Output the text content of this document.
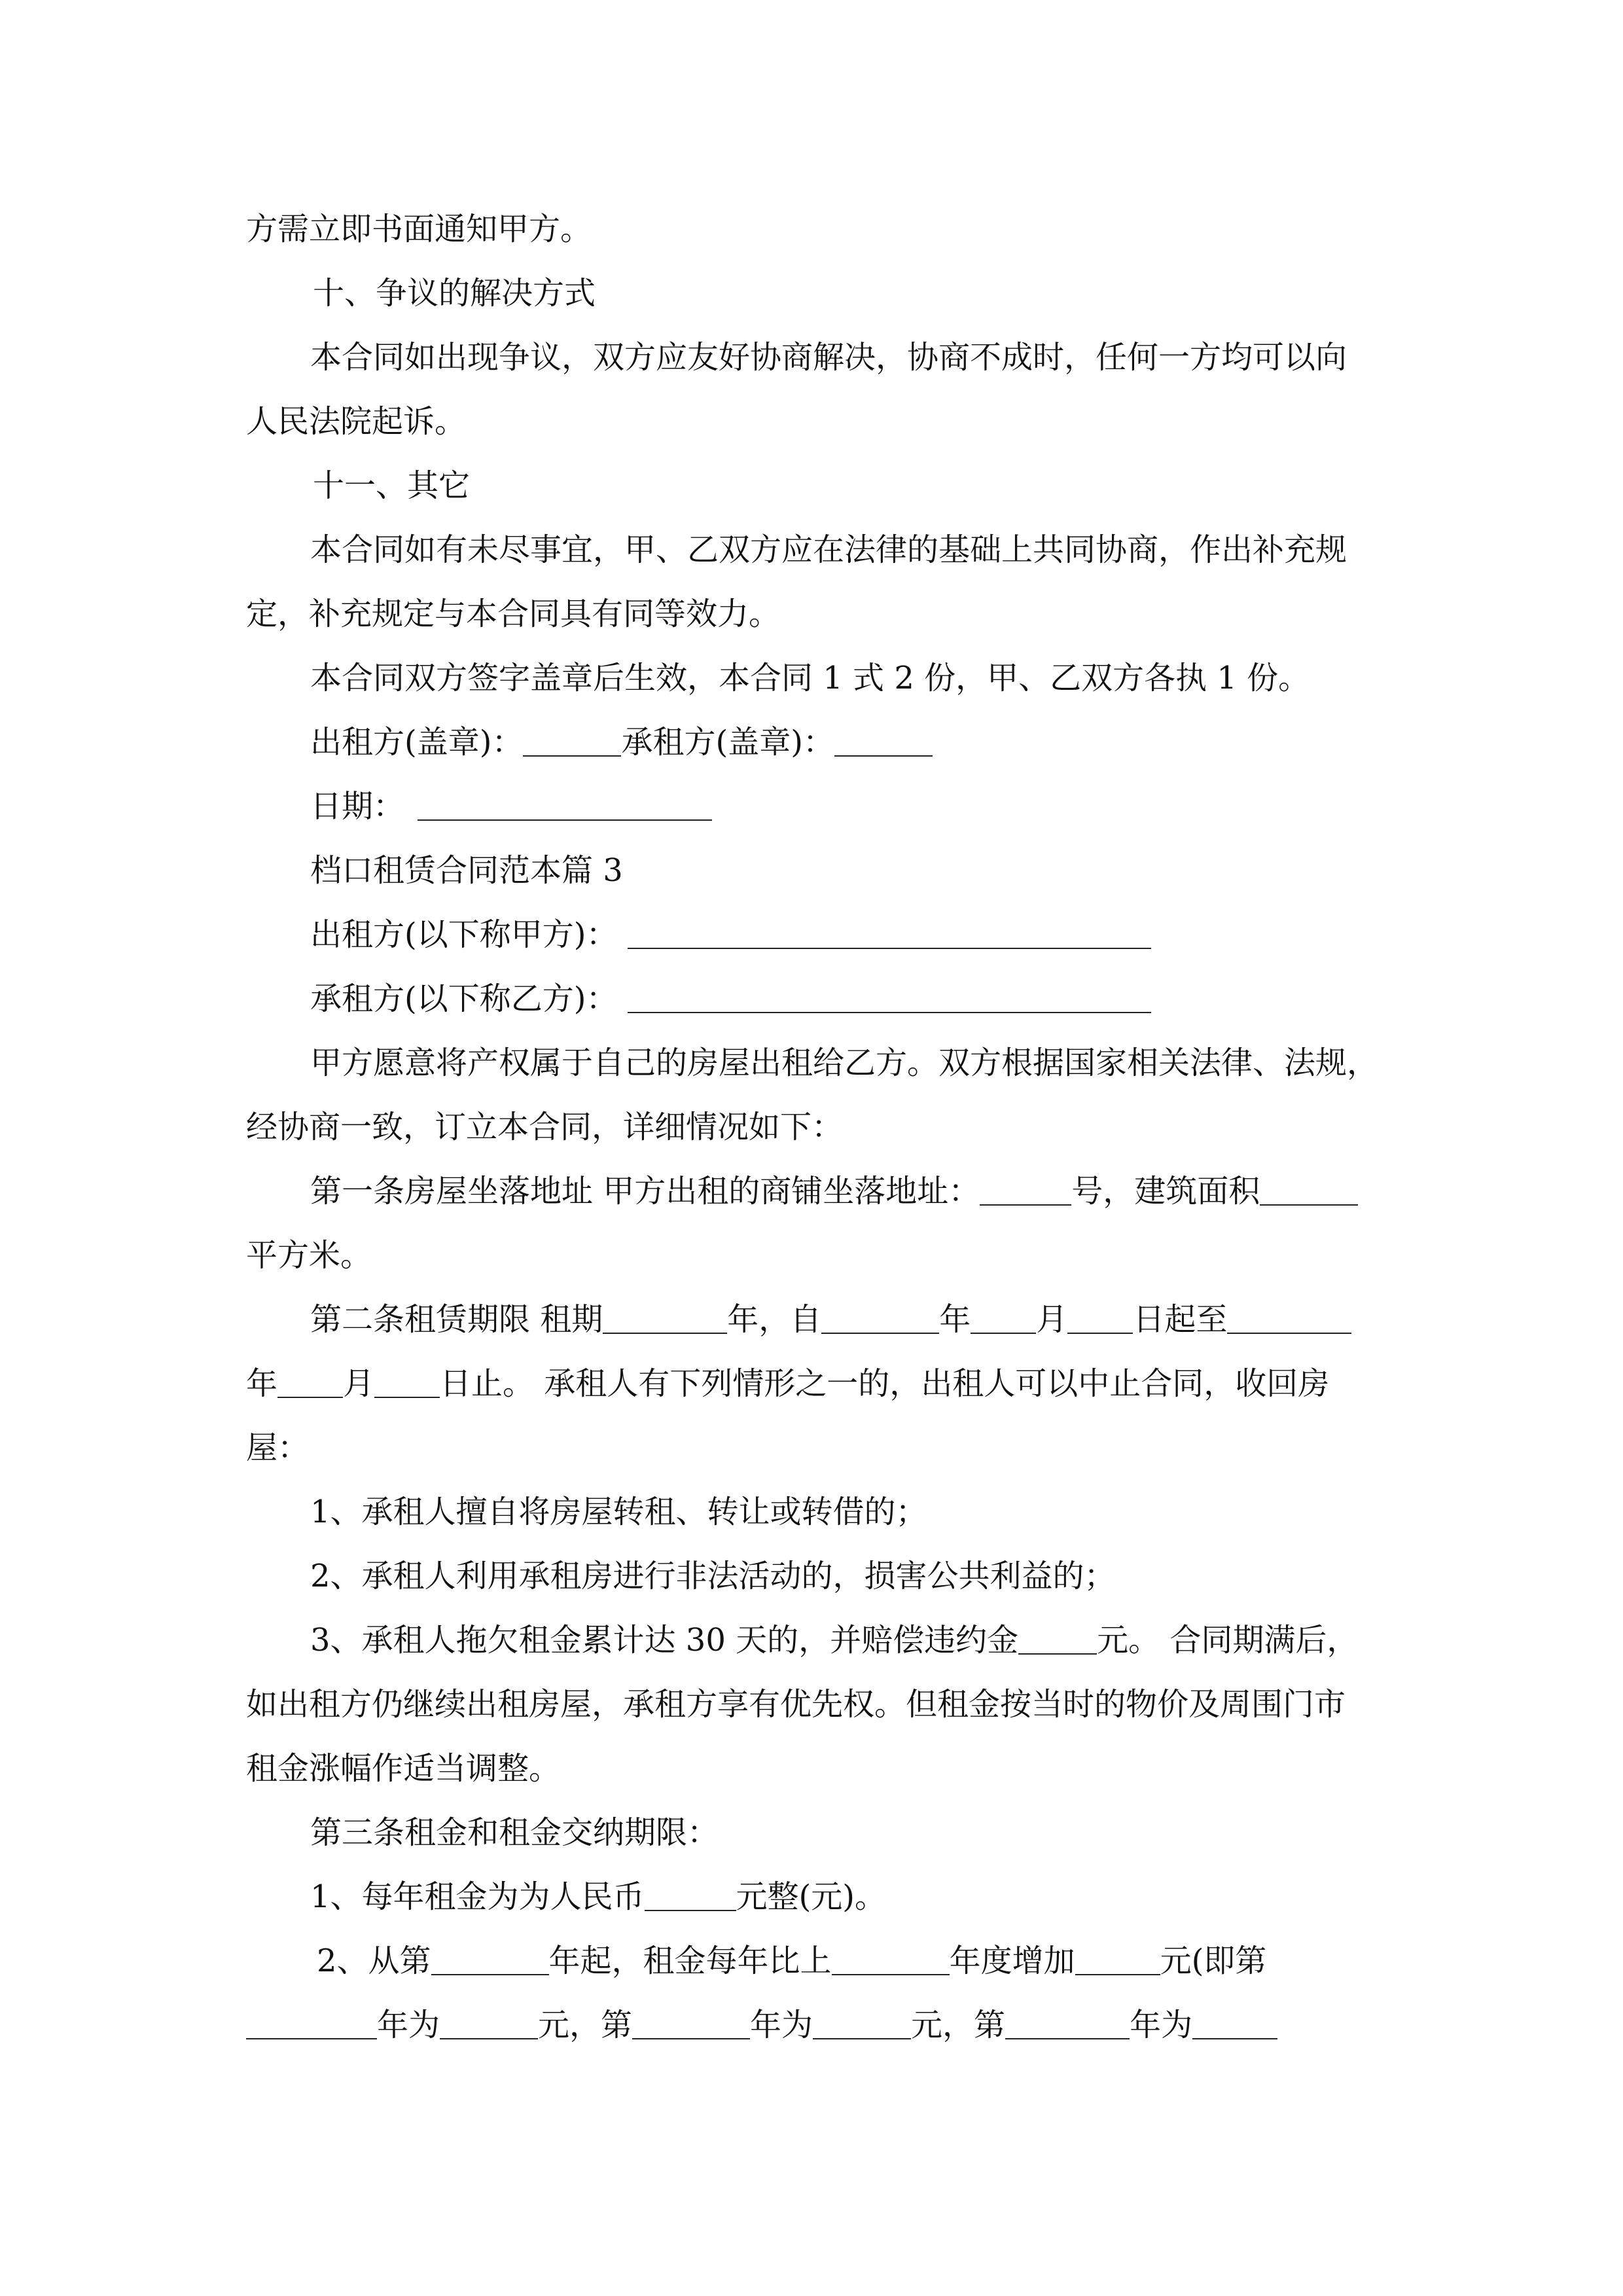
方需立即书面通知甲方。
十、争议的解决方式
本合同如出现争议，双方应友好协商解决，协商不成时，任何一方均可以向
人民法院起诉。
十一、其它
本合同如有未尽事宜，甲、乙双方应在法律的基础上共同协商，作出补充规
定，补充规定与本合同具有同等效力。
本合同双方签字盖章后生效，本合同 1 式 2 份，甲、乙双方各执 1 份。
出租方(盖章)：	承租方(盖章)：
日期：
档口租赁合同范本篇 3
出租方(以下称甲方)：
承租方(以下称乙方)：
甲方愿意将产权属于自己的房屋出租给乙方。双方根据国家相关法律、法规，
经协商一致，订立本合同，详细情况如下：
第一条房屋坐落地址 甲方出租的商铺坐落地址：	号，建筑面积
平方米。
第二条租赁期限 租期	年，自	年 月 日起至
年 月 日止。 承租人有下列情形之一的，出租人可以中止合同，收回房
屋：
1、承租人擅自将房屋转租、转让或转借的；
2、承租人利用承租房进行非法活动的，损害公共利益的；
3、承租人拖欠租金累计达 30 天的，并赔偿违约金	元。 合同期满后，
如出租方仍继续出租房屋，承租方享有优先权。但租金按当时的物价及周围门市
租金涨幅作适当调整。
第三条租金和租金交纳期限：
1、每年租金为为人民币	元整(元)。
2、从第	年起，租金每年比上	年度增加	元(即第
年为	元，第	年为	元，第	年为
